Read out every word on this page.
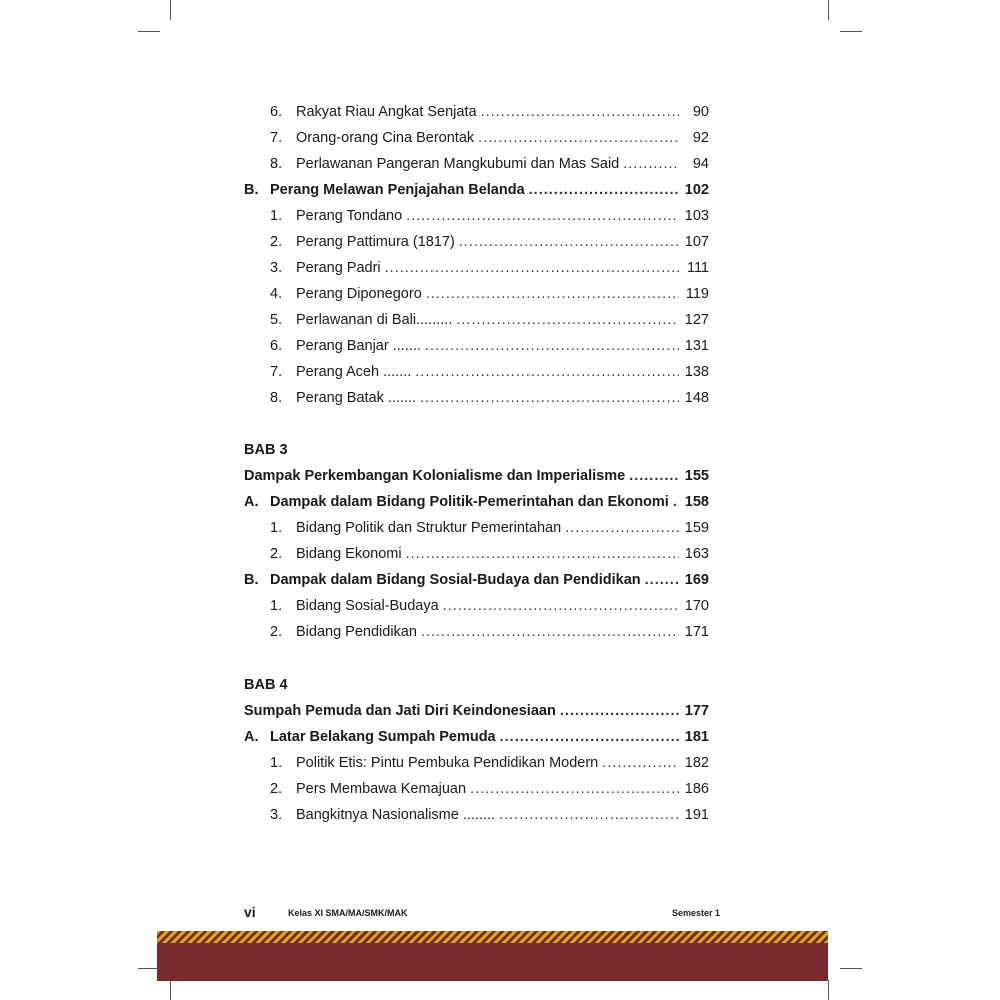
6. Rakyat Riau Angkat Senjata .....	90
7. Orang-orang Cina Berontak .....	92
8. Perlawanan Pangeran Mangkubumi dan Mas Said .....	94
B. Perang Melawan Penjajahan Belanda .....	102
1. Perang Tondano .....	103
2. Perang Pattimura (1817) .....	107
3. Perang Padri .....	111
4. Perang Diponegoro .....	119
5. Perlawanan di Bali......... .....	127
6. Perang Banjar ....... .....	131
7. Perang Aceh ....... .....	138
8. Perang Batak ....... .....	148
BAB 3
Dampak Perkembangan Kolonialisme dan Imperialisme .....	155
A. Dampak dalam Bidang Politik-Pemerintahan dan Ekonomi ..... 158
1. Bidang Politik dan Struktur Pemerintahan .....	159
2. Bidang Ekonomi .....	163
B. Dampak dalam Bidang Sosial-Budaya dan Pendidikan .....	169
1. Bidang Sosial-Budaya .....	170
2. Bidang Pendidikan .....	171
BAB 4
Sumpah Pemuda dan Jati Diri Keindonesiaan .....	177
A. Latar Belakang Sumpah Pemuda .....	181
1. Politik Etis: Pintu Pembuka Pendidikan Modern .....	182
2. Pers Membawa Kemajuan .....	186
3. Bangkitnya Nasionalisme ........ .....	191
vi	Kelas XI SMA/MA/SMK/MAK	Semester 1
